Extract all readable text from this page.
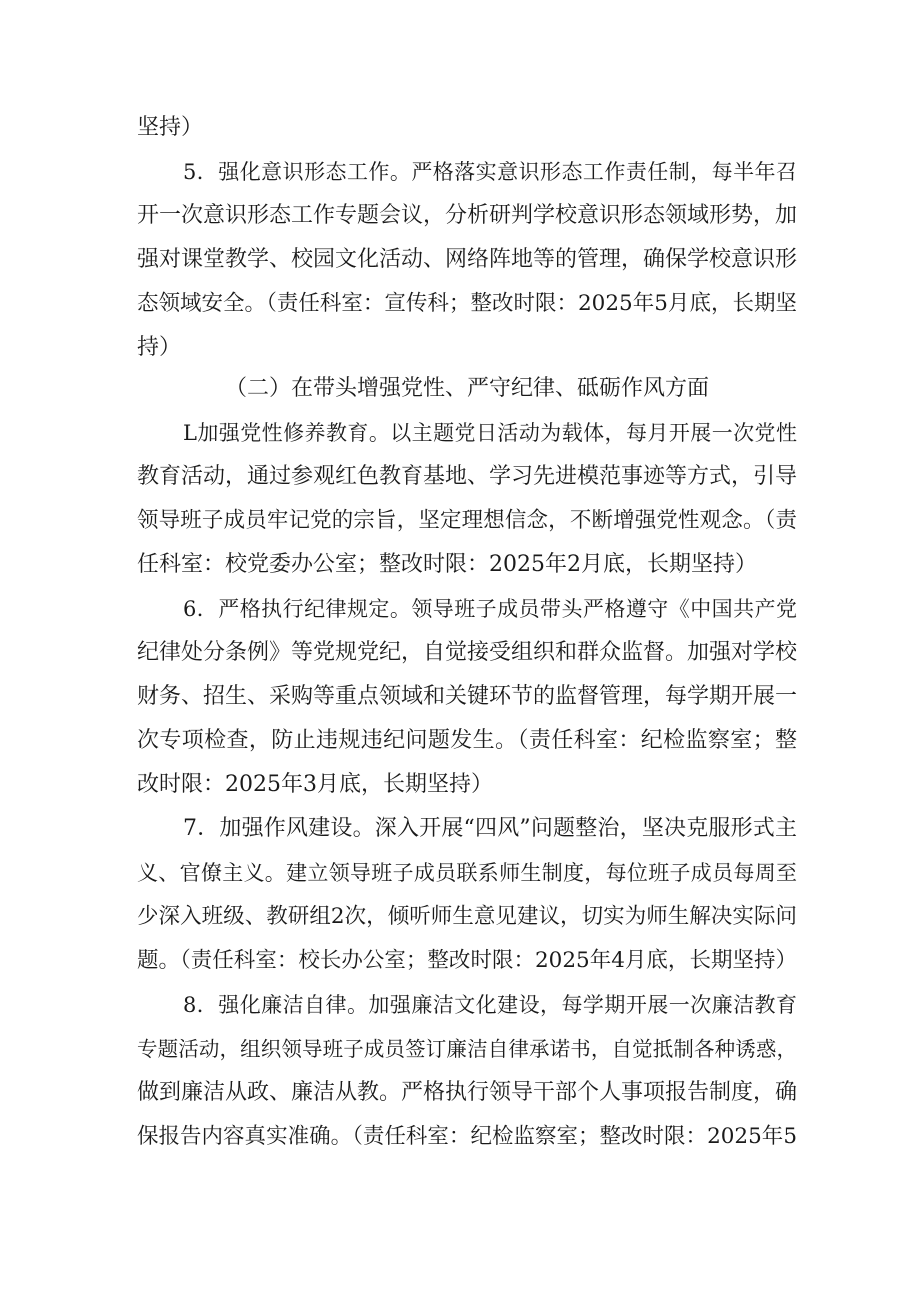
坚持）
5．强化意识形态工作。严格落实意识形态工作责任制，每半年召
开一次意识形态工作专题会议，分析研判学校意识形态领域形势，加
强对课堂教学、校园文化活动、网络阵地等的管理，确保学校意识形
态领域安全。（责任科室：宣传科；整改时限：2025年5月底，长期坚
持）
（二）在带头增强党性、严守纪律、砥砺作风方面
L加强党性修养教育。以主题党日活动为载体，每月开展一次党性
教育活动，通过参观红色教育基地、学习先进模范事迹等方式，引导
领导班子成员牢记党的宗旨，坚定理想信念，不断增强党性观念。（责
任科室：校党委办公室；整改时限：2025年2月底，长期坚持）
6．严格执行纪律规定。领导班子成员带头严格遵守《中国共产党
纪律处分条例》等党规党纪，自觉接受组织和群众监督。加强对学校
财务、招生、采购等重点领域和关键环节的监督管理，每学期开展一
次专项检查，防止违规违纪问题发生。（责任科室：纪检监察室；整
改时限：2025年3月底，长期坚持）
7．加强作风建设。深入开展“四风”问题整治，坚决克服形式主
义、官僚主义。建立领导班子成员联系师生制度，每位班子成员每周至
少深入班级、教研组2次，倾听师生意见建议，切实为师生解决实际问
题。（责任科室：校长办公室；整改时限：2025年4月底，长期坚持）
8．强化廉洁自律。加强廉洁文化建设，每学期开展一次廉洁教育
专题活动，组织领导班子成员签订廉洁自律承诺书，自觉抵制各种诱惑，
做到廉洁从政、廉洁从教。严格执行领导干部个人事项报告制度，确
保报告内容真实准确。（责任科室：纪检监察室；整改时限：2025年5
